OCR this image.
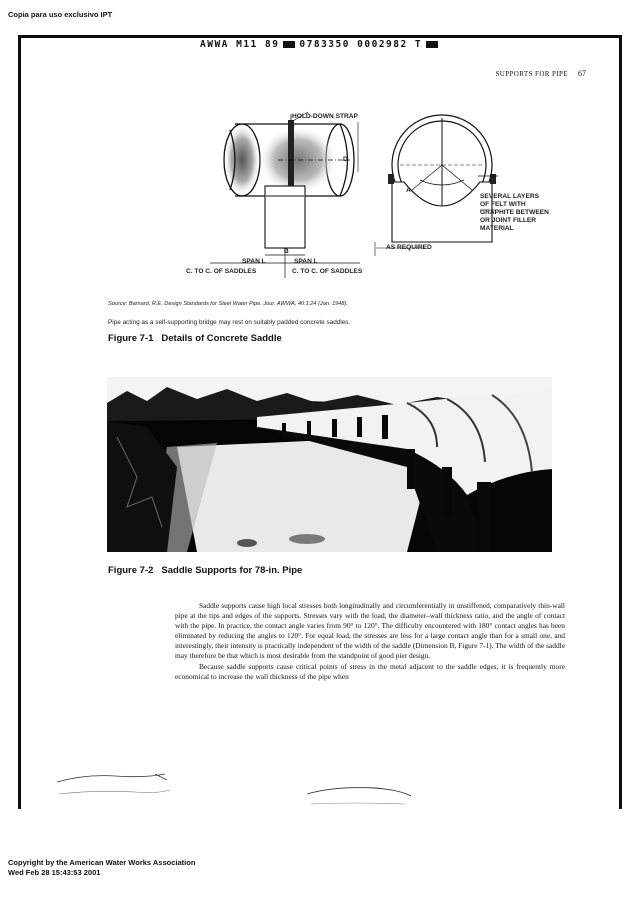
Copia para uso exclusivo IPT
AWWA M11 89 0783350 0002982 T
SUPPORTS FOR PIPE 67
HOLD-DOWN STRAP
A
D
B
SEVERAL LAYERS
OF FELT WITH
GRAPHITE BETWEEN
OR JOINT FILLER
MATERIAL
AS REQUIRED
SPAN L	SPAN L
C. TO C. OF SADDLES	C. TO C. OF SADDLES
Source: Barnard, R.E. Design Standards for Steel Water Pipe. Jour. AWWA, 40:1:24 (Jan. 1948).
Pipe acting as a self-supporting bridge may rest on suitably padded concrete saddles.
Figure 7-1 Details of Concrete Saddle
Figure 7-2 Saddle Supports for 78-in. Pipe

Saddle supports cause high local stresses both longitudinally and circumferentially in unstiffened, comparatively thin-wall pipe at the tips and edges of the supports. Stresses vary with the load, the diameter–wall thickness ratio, and the angle of contact with the pipe. In practice, the contact angle varies from 90° to 120°. The difficulty encountered with 180° contact angles has been eliminated by reducing the angles to 120°. For equal load, the stresses are less for a large contact angle than for a small one, and interestingly, their intensity is practically independent of the width of the saddle (Dimension B, Figure 7-1). The width of the saddle may therefore be that which is most desirable from the standpoint of good pier design.

Because saddle supports cause critical points of stress in the metal adjacent to the saddle edges, it is frequently more economical to increase the wall thickness of the pipe when

Copyright by the American Water Works Association
Wed Feb 28 15:43:53 2001
